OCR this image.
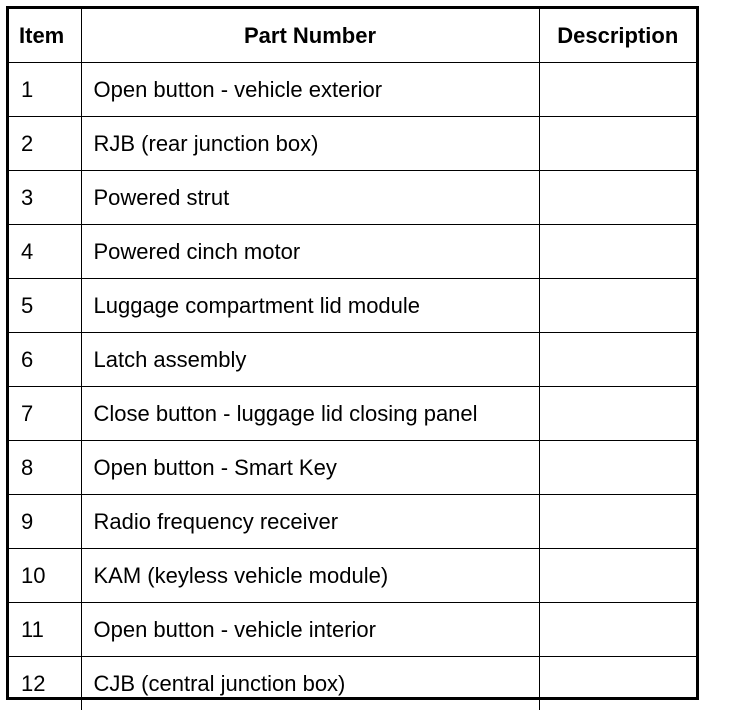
Item	Part Number	Description
1	Open button - vehicle exterior	
2	RJB (rear junction box)	
3	Powered strut	
4	Powered cinch motor	
5	Luggage compartment lid module	
6	Latch assembly	
7	Close button - luggage lid closing panel	
8	Open button - Smart Key	
9	Radio frequency receiver	
10	KAM (keyless vehicle module)	
11	Open button - vehicle interior	
12	CJB (central junction box)	
